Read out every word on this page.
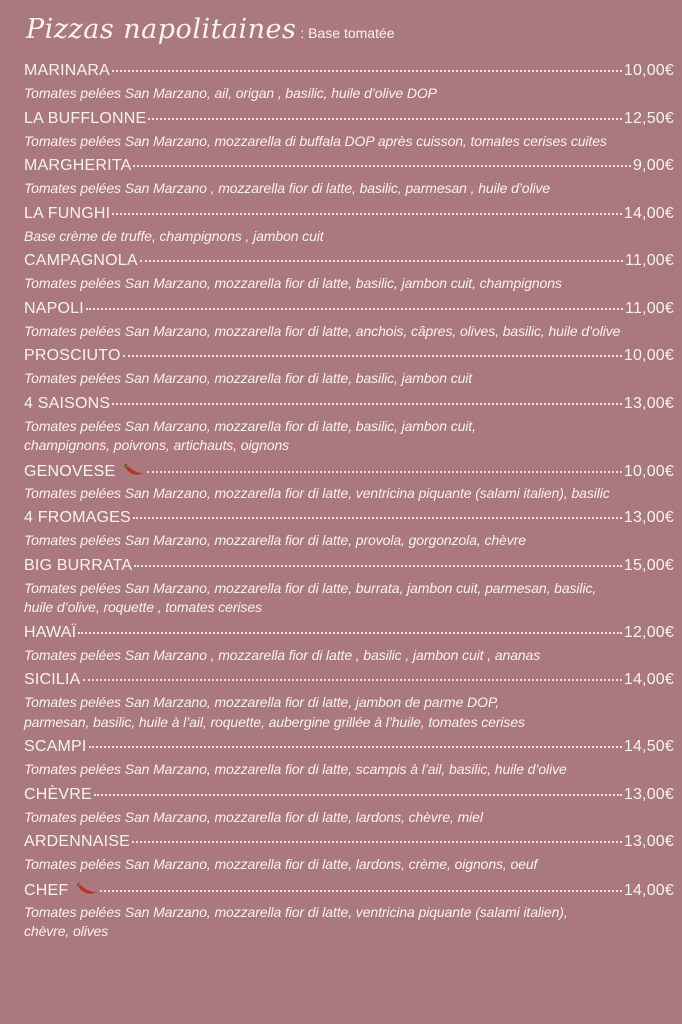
Pizzas napolitaines : Base tomatée
MARINARA	10,00€
Tomates pelées San Marzano, ail, origan , basilic, huile d’olive DOP
LA BUFFLONNE	12,50€
Tomates pelées San Marzano, mozzarella di buffala DOP après cuisson, tomates cerises cuites
MARGHERITA	9,00€
Tomates pelées San Marzano , mozzarella fior di latte, basilic, parmesan , huile d’olive
LA FUNGHI	14,00€
Base crème de truffe, champignons , jambon cuit
CAMPAGNOLA	11,00€
Tomates pelées San Marzano, mozzarella fior di latte, basilic, jambon cuit, champignons
NAPOLI	11,00€
Tomates pelées San Marzano, mozzarella fior di latte, anchois, câpres, olives, basilic, huile d’olive
PROSCIUTO	10,00€
Tomates pelées San Marzano, mozzarella fior di latte, basilic, jambon cuit
4 SAISONS	13,00€
Tomates pelées San Marzano, mozzarella fior di latte, basilic, jambon cuit,
champignons, poivrons, artichauts, oignons
GENOVESE	10,00€
Tomates pelées San Marzano, mozzarella fior di latte, ventricina piquante (salami italien), basilic
4 FROMAGES	13,00€
Tomates pelées San Marzano, mozzarella fior di latte, provola, gorgonzola, chèvre
BIG BURRATA	15,00€
Tomates pelées San Marzano, mozzarella fior di latte, burrata, jambon cuit, parmesan, basilic,
huile d’olive, roquette , tomates cerises
HAWAÏ	12,00€
Tomates pelées San Marzano , mozzarella fior di latte , basilic , jambon cuit , ananas
SICILIA	14,00€
Tomates pelées San Marzano, mozzarella fior di latte, jambon de parme DOP,
parmesan, basilic, huile à l’ail, roquette, aubergine grillée à l’huile, tomates cerises
SCAMPI	14,50€
Tomates pelées San Marzano, mozzarella fior di latte, scampis à l’ail, basilic, huile d’olive
CHÈVRE	13,00€
Tomates pelées San Marzano, mozzarella fior di latte, lardons, chèvre, miel
ARDENNAISE	13,00€
Tomates pelées San Marzano, mozzarella fior di latte, lardons, crème, oignons, oeuf
CHEF	14,00€
Tomates pelées San Marzano, mozzarella fior di latte, ventricina piquante (salami italien),
chèvre, olives
